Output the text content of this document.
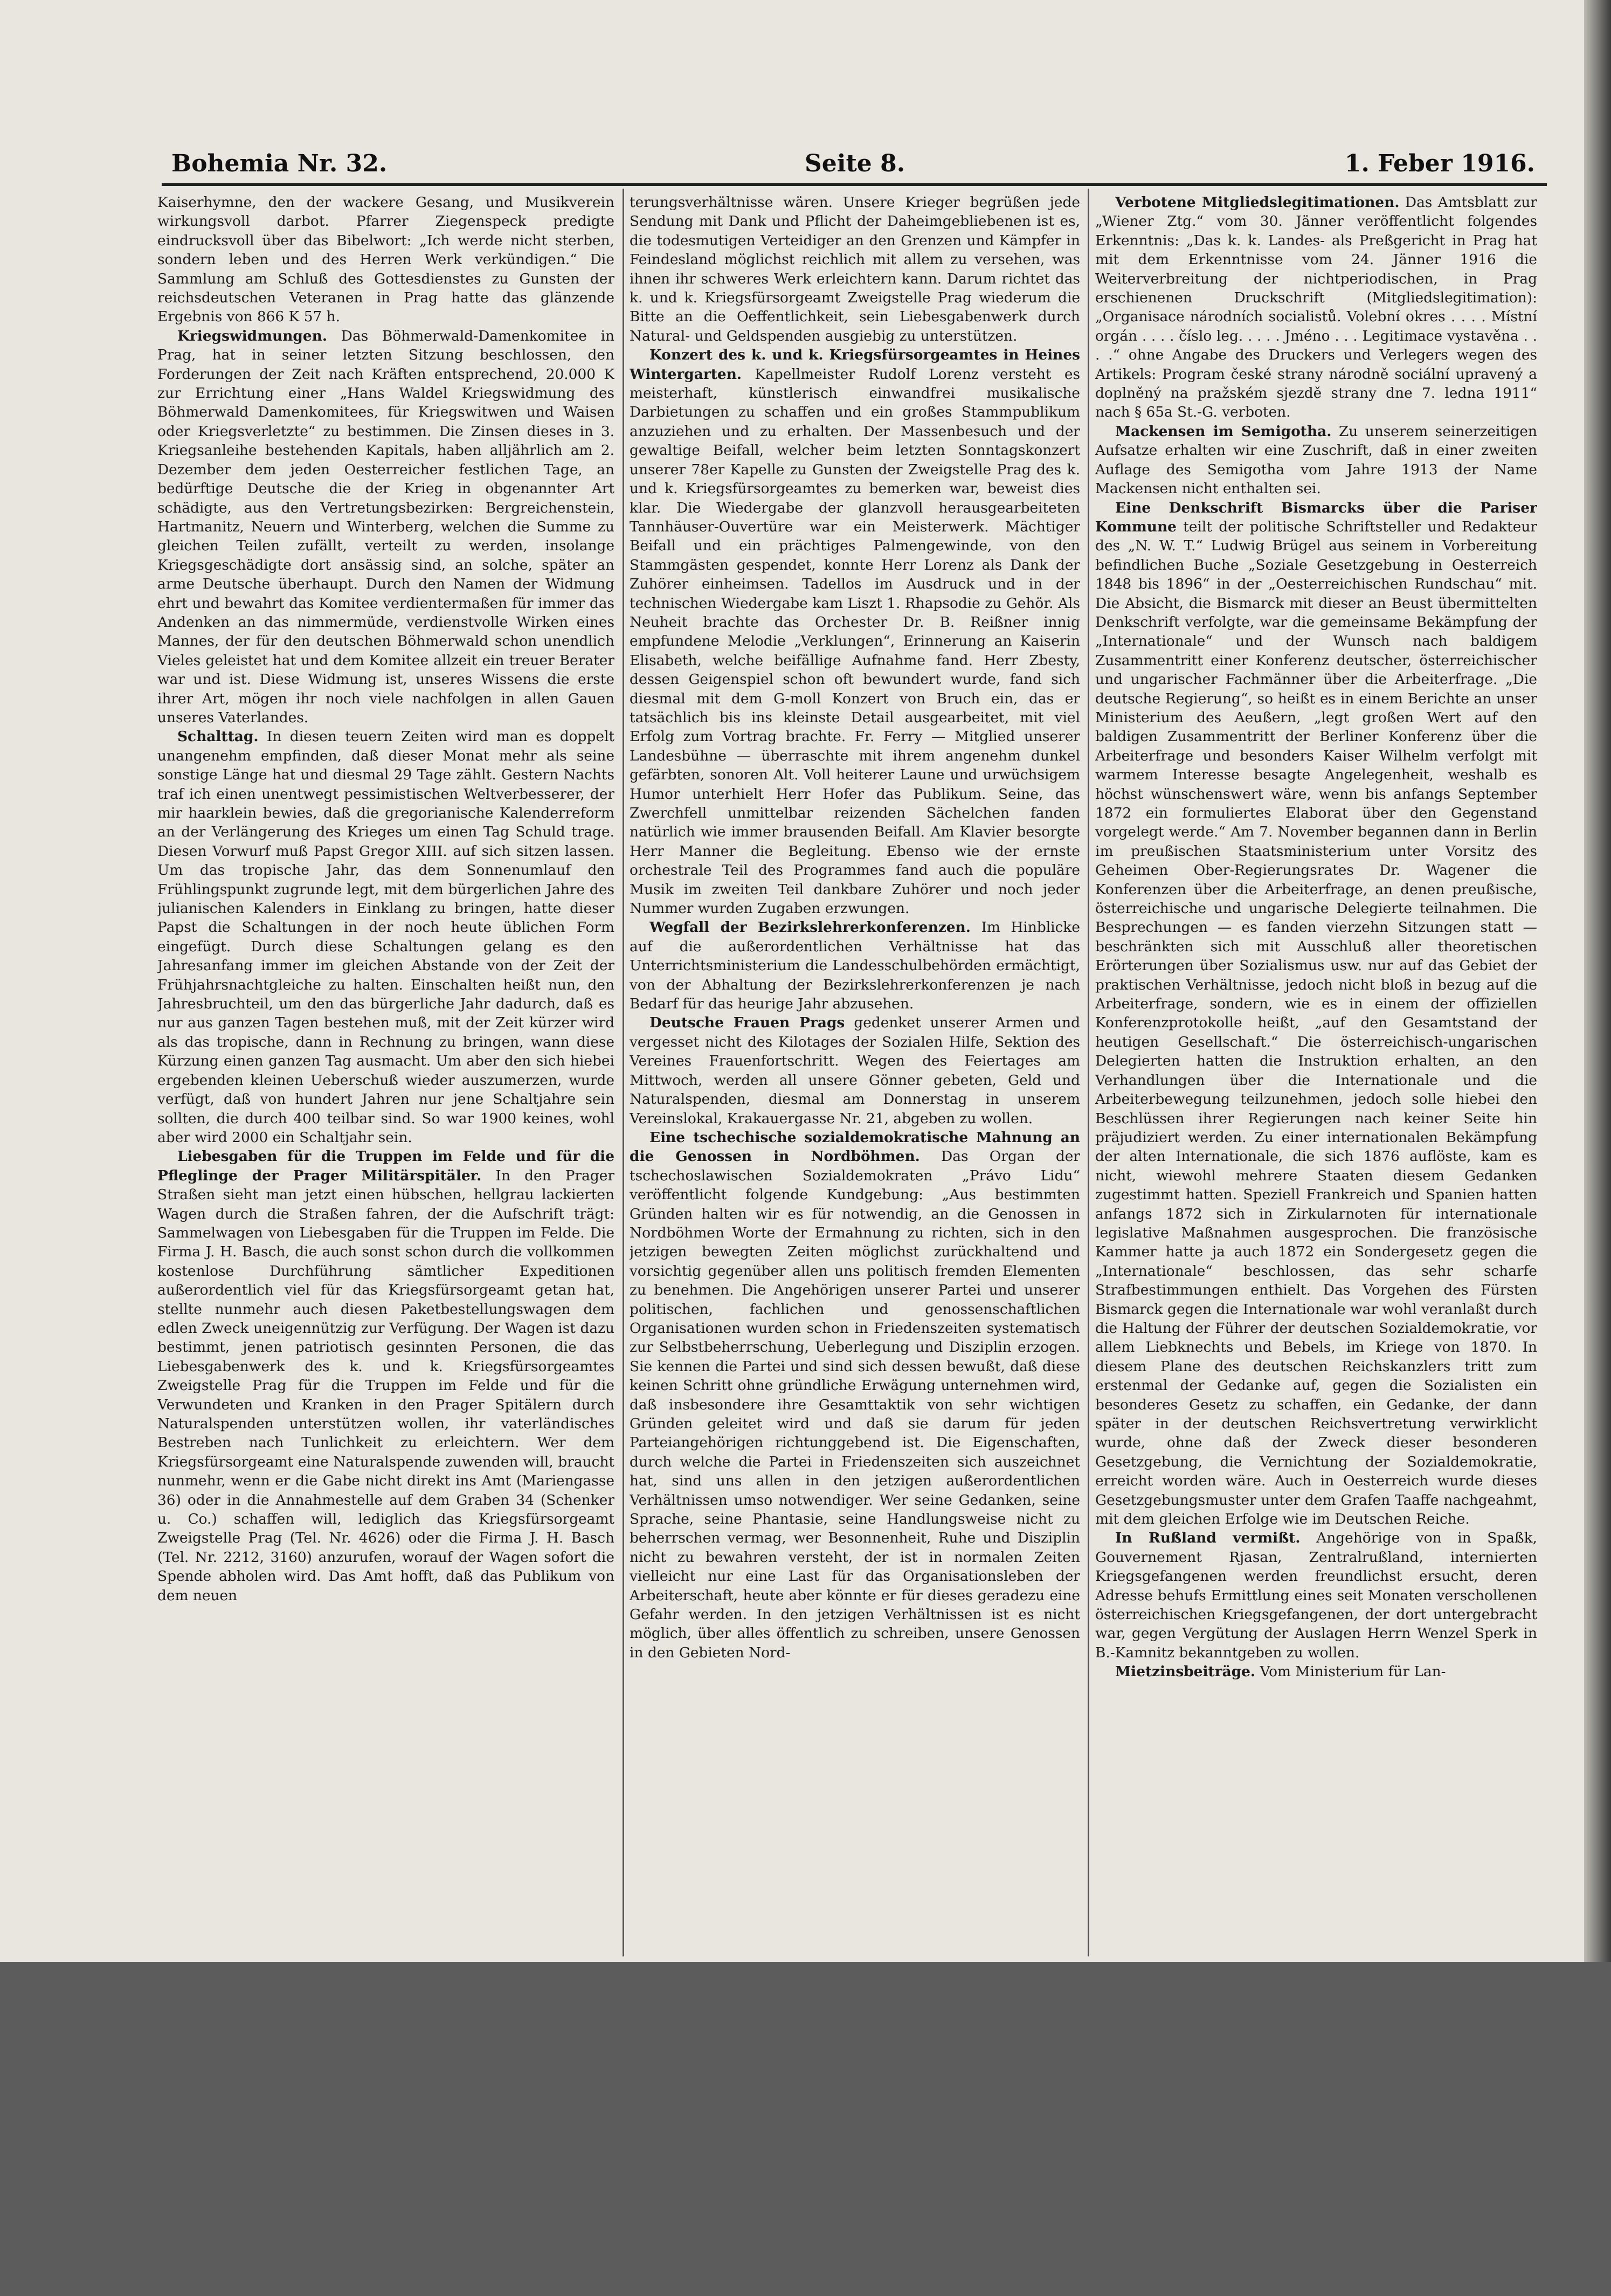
Bohemia Nr. 32.	Seite 8.	1. Feber 1916.

Kaiserhymne, den der wackere Gesang, und Musikverein wirkungsvoll darbot. Pfarrer Ziegenspeck predigte eindrucksvoll über das Bibelwort: „Ich werde nicht sterben, sondern leben und des Herren Werk verkündigen.“ Die Sammlung am Schluß des Gottesdienstes zu Gunsten der reichsdeutschen Veteranen in Prag hatte das glänzende Ergebnis von 866 K 57 h.

Kriegswidmungen. Das Böhmerwald-Damenkomitee in Prag, hat in seiner letzten Sitzung beschlossen, den Forderungen der Zeit nach Kräften entsprechend, 20.000 K zur Errichtung einer „Hans Waldel Kriegswidmung des Böhmerwald Damenkomitees, für Kriegswitwen und Waisen oder Kriegsverletzte“ zu bestimmen. Die Zinsen dieses in 3. Kriegsanleihe bestehenden Kapitals, haben alljährlich am 2. Dezember dem jeden Oesterreicher festlichen Tage, an bedürftige Deutsche die der Krieg in obgenannter Art schädigte, aus den Vertretungsbezirken: Bergreichenstein, Hartmanitz, Neuern und Winterberg, welchen die Summe zu gleichen Teilen zufällt, verteilt zu werden, insolange Kriegsgeschädigte dort ansässig sind, an solche, später an arme Deutsche überhaupt. Durch den Namen der Widmung ehrt und bewahrt das Komitee verdientermaßen für immer das Andenken an das nimmermüde, verdienstvolle Wirken eines Mannes, der für den deutschen Böhmerwald schon unendlich Vieles geleistet hat und dem Komitee allzeit ein treuer Berater war und ist. Diese Widmung ist, unseres Wissens die erste ihrer Art, mögen ihr noch viele nachfolgen in allen Gauen unseres Vaterlandes.

Schalttag. In diesen teuern Zeiten wird man es doppelt unangenehm empfinden, daß dieser Monat mehr als seine sonstige Länge hat und diesmal 29 Tage zählt. Gestern Nachts traf ich einen unentwegt pessimistischen Weltverbesserer, der mir haarklein bewies, daß die gregorianische Kalenderreform an der Verlängerung des Krieges um einen Tag Schuld trage. Diesen Vorwurf muß Papst Gregor XIII. auf sich sitzen lassen. Um das tropische Jahr, das dem Sonnenumlauf den Frühlingspunkt zugrunde legt, mit dem bürgerlichen Jahre des julianischen Kalenders in Einklang zu bringen, hatte dieser Papst die Schaltungen in der noch heute üblichen Form eingefügt. Durch diese Schaltungen gelang es den Jahresanfang immer im gleichen Abstande von der Zeit der Frühjahrsnachtgleiche zu halten. Einschalten heißt nun, den Jahresbruchteil, um den das bürgerliche Jahr dadurch, daß es nur aus ganzen Tagen bestehen muß, mit der Zeit kürzer wird als das tropische, dann in Rechnung zu bringen, wann diese Kürzung einen ganzen Tag ausmacht. Um aber den sich hiebei ergebenden kleinen Ueberschuß wieder auszumerzen, wurde verfügt, daß von hundert Jahren nur jene Schaltjahre sein sollten, die durch 400 teilbar sind. So war 1900 keines, wohl aber wird 2000 ein Schaltjahr sein.

Liebesgaben für die Truppen im Felde und für die Pfleglinge der Prager Militärspitäler. In den Prager Straßen sieht man jetzt einen hübschen, hellgrau lackierten Wagen durch die Straßen fahren, der die Aufschrift trägt: Sammelwagen von Liebesgaben für die Truppen im Felde. Die Firma J. H. Basch, die auch sonst schon durch die vollkommen kostenlose Durchführung sämtlicher Expeditionen außerordentlich viel für das Kriegsfürsorgeamt getan hat, stellte nunmehr auch diesen Paketbestellungswagen dem edlen Zweck uneigennützig zur Verfügung. Der Wagen ist dazu bestimmt, jenen patriotisch gesinnten Personen, die das Liebesgabenwerk des k. und k. Kriegsfürsorgeamtes Zweigstelle Prag für die Truppen im Felde und für die Verwundeten und Kranken in den Prager Spitälern durch Naturalspenden unterstützen wollen, ihr vaterländisches Bestreben nach Tunlichkeit zu erleichtern. Wer dem Kriegsfürsorgeamt eine Naturalspende zuwenden will, braucht nunmehr, wenn er die Gabe nicht direkt ins Amt (Mariengasse 36) oder in die Annahmestelle auf dem Graben 34 (Schenker u. Co.) schaffen will, lediglich das Kriegsfürsorgeamt Zweigstelle Prag (Tel. Nr. 4626) oder die Firma J. H. Basch (Tel. Nr. 2212, 3160) anzurufen, worauf der Wagen sofort die Spende abholen wird. Das Amt hofft, daß das Publikum von dem neuen

terungsverhältnisse wären. Unsere Krieger begrüßen jede Sendung mit Dank und Pflicht der Daheimgebliebenen ist es, die todesmutigen Verteidiger an den Grenzen und Kämpfer in Feindesland möglichst reichlich mit allem zu versehen, was ihnen ihr schweres Werk erleichtern kann. Darum richtet das k. und k. Kriegsfürsorgeamt Zweigstelle Prag wiederum die Bitte an die Oeffentlichkeit, sein Liebesgabenwerk durch Natural- und Geldspenden ausgiebig zu unterstützen.

Konzert des k. und k. Kriegsfürsorgeamtes in Heines Wintergarten. Kapellmeister Rudolf Lorenz versteht es meisterhaft, künstlerisch einwandfrei musikalische Darbietungen zu schaffen und ein großes Stammpublikum anzuziehen und zu erhalten. Der Massenbesuch und der gewaltige Beifall, welcher beim letzten Sonntagskonzert unserer 78er Kapelle zu Gunsten der Zweigstelle Prag des k. und k. Kriegsfürsorgeamtes zu bemerken war, beweist dies klar. Die Wiedergabe der glanzvoll herausgearbeiteten Tannhäuser-Ouvertüre war ein Meisterwerk. Mächtiger Beifall und ein prächtiges Palmengewinde, von den Stammgästen gespendet, konnte Herr Lorenz als Dank der Zuhörer einheimsen. Tadellos im Ausdruck und in der technischen Wiedergabe kam Liszt 1. Rhapsodie zu Gehör. Als Neuheit brachte das Orchester Dr. B. Reißner innig empfundene Melodie „Verklungen“, Erinnerung an Kaiserin Elisabeth, welche beifällige Aufnahme fand. Herr Zbesty, dessen Geigenspiel schon oft bewundert wurde, fand sich diesmal mit dem G-moll Konzert von Bruch ein, das er tatsächlich bis ins kleinste Detail ausgearbeitet, mit viel Erfolg zum Vortrag brachte. Fr. Ferry — Mitglied unserer Landesbühne — überraschte mit ihrem angenehm dunkel gefärbten, sonoren Alt. Voll heiterer Laune und urwüchsigem Humor unterhielt Herr Hofer das Publikum. Seine, das Zwerchfell unmittelbar reizenden Sächelchen fanden natürlich wie immer brausenden Beifall. Am Klavier besorgte Herr Manner die Begleitung. Ebenso wie der ernste orchestrale Teil des Programmes fand auch die populäre Musik im zweiten Teil dankbare Zuhörer und noch jeder Nummer wurden Zugaben erzwungen.

Wegfall der Bezirkslehrerkonferenzen. Im Hinblicke auf die außerordentlichen Verhältnisse hat das Unterrichtsministerium die Landesschulbehörden ermächtigt, von der Abhaltung der Bezirkslehrerkonferenzen je nach Bedarf für das heurige Jahr abzusehen.

Deutsche Frauen Prags gedenket unserer Armen und vergesset nicht des Kilotages der Sozialen Hilfe, Sektion des Vereines Frauenfortschritt. Wegen des Feiertages am Mittwoch, werden all unsere Gönner gebeten, Geld und Naturalspenden, diesmal am Donnerstag in unserem Vereinslokal, Krakauergasse Nr. 21, abgeben zu wollen.

Eine tschechische sozialdemokratische Mahnung an die Genossen in Nordböhmen. Das Organ der tschechoslawischen Sozialdemokraten „Právo Lidu“ veröffentlicht folgende Kundgebung: „Aus bestimmten Gründen halten wir es für notwendig, an die Genossen in Nordböhmen Worte der Ermahnung zu richten, sich in den jetzigen bewegten Zeiten möglichst zurückhaltend und vorsichtig gegenüber allen uns politisch fremden Elementen zu benehmen. Die Angehörigen unserer Partei und unserer politischen, fachlichen und genossenschaftlichen Organisationen wurden schon in Friedenszeiten systematisch zur Selbstbeherrschung, Ueberlegung und Disziplin erzogen. Sie kennen die Partei und sind sich dessen bewußt, daß diese keinen Schritt ohne gründliche Erwägung unternehmen wird, daß insbesondere ihre Gesamttaktik von sehr wichtigen Gründen geleitet wird und daß sie darum für jeden Parteiangehörigen richtunggebend ist. Die Eigenschaften, durch welche die Partei in Friedenszeiten sich auszeichnet hat, sind uns allen in den jetzigen außerordentlichen Verhältnissen umso notwendiger. Wer seine Gedanken, seine Sprache, seine Phantasie, seine Handlungsweise nicht zu beherrschen vermag, wer Besonnenheit, Ruhe und Disziplin nicht zu bewahren versteht, der ist in normalen Zeiten vielleicht nur eine Last für das Organisationsleben der Arbeiterschaft, heute aber könnte er für dieses geradezu eine Gefahr werden. In den jetzigen Verhältnissen ist es nicht möglich, über alles öffentlich zu schreiben, unsere Genossen in den Gebieten Nord-

Verbotene Mitgliedslegitimationen. Das Amtsblatt zur „Wiener Ztg.“ vom 30. Jänner veröffentlicht folgendes Erkenntnis: „Das k. k. Landes- als Preßgericht in Prag hat mit dem Erkenntnisse vom 24. Jänner 1916 die Weiterverbreitung der nichtperiodischen, in Prag erschienenen Druckschrift (Mitgliedslegitimation): „Organisace národních socialistů. Volební okres . . . . Místní orgán . . . . číslo leg. . . . . Jméno . . . Legitimace vystavěna . . . .“ ohne Angabe des Druckers und Verlegers wegen des Artikels: Program české strany národně sociální upravený a doplněný na pražském sjezdě strany dne 7. ledna 1911“ nach § 65a St.-G. verboten.

Mackensen im Semigotha. Zu unserem seinerzeitigen Aufsatze erhalten wir eine Zuschrift, daß in einer zweiten Auflage des Semigotha vom Jahre 1913 der Name Mackensen nicht enthalten sei.

Eine Denkschrift Bismarcks über die Pariser Kommune teilt der politische Schriftsteller und Redakteur des „N. W. T.“ Ludwig Brügel aus seinem in Vorbereitung befindlichen Buche „Soziale Gesetzgebung in Oesterreich 1848 bis 1896“ in der „Oesterreichischen Rundschau“ mit. Die Absicht, die Bismarck mit dieser an Beust übermittelten Denkschrift verfolgte, war die gemeinsame Bekämpfung der „Internationale“ und der Wunsch nach baldigem Zusammentritt einer Konferenz deutscher, österreichischer und ungarischer Fachmänner über die Arbeiterfrage. „Die deutsche Regierung“, so heißt es in einem Berichte an unser Ministerium des Aeußern, „legt großen Wert auf den baldigen Zusammentritt der Berliner Konferenz über die Arbeiterfrage und besonders Kaiser Wilhelm verfolgt mit warmem Interesse besagte Angelegenheit, weshalb es höchst wünschenswert wäre, wenn bis anfangs September 1872 ein formuliertes Elaborat über den Gegenstand vorgelegt werde.“ Am 7. November begannen dann in Berlin im preußischen Staatsministerium unter Vorsitz des Geheimen Ober-Regierungsrates Dr. Wagener die Konferenzen über die Arbeiterfrage, an denen preußische, österreichische und ungarische Delegierte teilnahmen. Die Besprechungen — es fanden vierzehn Sitzungen statt — beschränkten sich mit Ausschluß aller theoretischen Erörterungen über Sozialismus usw. nur auf das Gebiet der praktischen Verhältnisse, jedoch nicht bloß in bezug auf die Arbeiterfrage, sondern, wie es in einem der offiziellen Konferenzprotokolle heißt, „auf den Gesamtstand der heutigen Gesellschaft.“ Die österreichisch-ungarischen Delegierten hatten die Instruktion erhalten, an den Verhandlungen über die Internationale und die Arbeiterbewegung teilzunehmen, jedoch solle hiebei den Beschlüssen ihrer Regierungen nach keiner Seite hin präjudiziert werden. Zu einer internationalen Bekämpfung der alten Internationale, die sich 1876 auflöste, kam es nicht, wiewohl mehrere Staaten diesem Gedanken zugestimmt hatten. Speziell Frankreich und Spanien hatten anfangs 1872 sich in Zirkularnoten für internationale legislative Maßnahmen ausgesprochen. Die französische Kammer hatte ja auch 1872 ein Sondergesetz gegen die „Internationale“ beschlossen, das sehr scharfe Strafbestimmungen enthielt. Das Vorgehen des Fürsten Bismarck gegen die Internationale war wohl veranlaßt durch die Haltung der Führer der deutschen Sozialdemokratie, vor allem Liebknechts und Bebels, im Kriege von 1870. In diesem Plane des deutschen Reichskanzlers tritt zum erstenmal der Gedanke auf, gegen die Sozialisten ein besonderes Gesetz zu schaffen, ein Gedanke, der dann später in der deutschen Reichsvertretung verwirklicht wurde, ohne daß der Zweck dieser besonderen Gesetzgebung, die Vernichtung der Sozialdemokratie, erreicht worden wäre. Auch in Oesterreich wurde dieses Gesetzgebungsmuster unter dem Grafen Taaffe nachgeahmt, mit dem gleichen Erfolge wie im Deutschen Reiche.

In Rußland vermißt. Angehörige von in Spaßk, Gouvernement Rjasan, Zentralrußland, internierten Kriegsgefangenen werden freundlichst ersucht, deren Adresse behufs Ermittlung eines seit Monaten verschollenen österreichischen Kriegsgefangenen, der dort untergebracht war, gegen Vergütung der Auslagen Herrn Wenzel Sperk in B.-Kamnitz bekanntgeben zu wollen.

Mietzinsbeiträge. Vom Ministerium für Lan-
